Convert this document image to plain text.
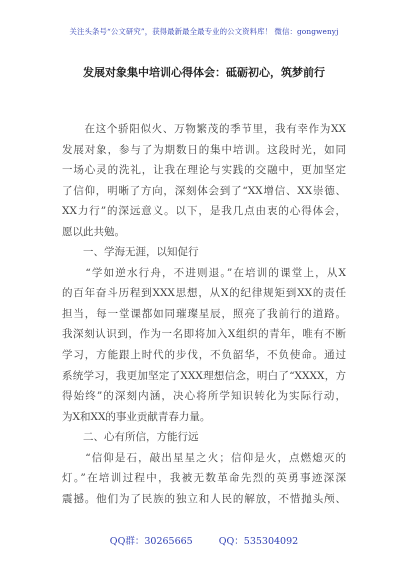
关注头条号“公文研究”，获得最新最全最专业的公文资料库！ 微信：gongwenyj
发展对象集中培训心得体会：砥砺初心，筑梦前行
　　在这个骄阳似火、万物繁茂的季节里，我有幸作为XX
发展对象，参与了为期数日的集中培训。这段时光，如同
一场心灵的洗礼，让我在理论与实践的交融中，更加坚定
了信仰，明晰了方向，深刻体会到了“XX增信、XX崇德、
XX力行”的深远意义。以下，是我几点由衷的心得体会，
愿以此共勉。
　　一、学海无涯，以知促行
　　“学如逆水行舟，不进则退。”在培训的课堂上，从X
的百年奋斗历程到XXX思想，从X的纪律规矩到XX的责任
担当，每一堂课都如同璀璨星辰，照亮了我前行的道路。
我深刻认识到，作为一名即将加入X组织的青年，唯有不断
学习，方能跟上时代的步伐，不负韶华，不负使命。通过
系统学习，我更加坚定了XXX理想信念，明白了“XXXX，方
得始终”的深刻内涵，决心将所学知识转化为实际行动，
为X和XX的事业贡献青春力量。
　　二、心有所信，方能行远
　　“信仰是石，敲出星星之火；信仰是火，点燃熄灭的
灯。”在培训过程中，我被无数革命先烈的英勇事迹深深
震撼。他们为了民族的独立和人民的解放，不惜抛头颅、
QQ群：30265665	QQ：535304092
